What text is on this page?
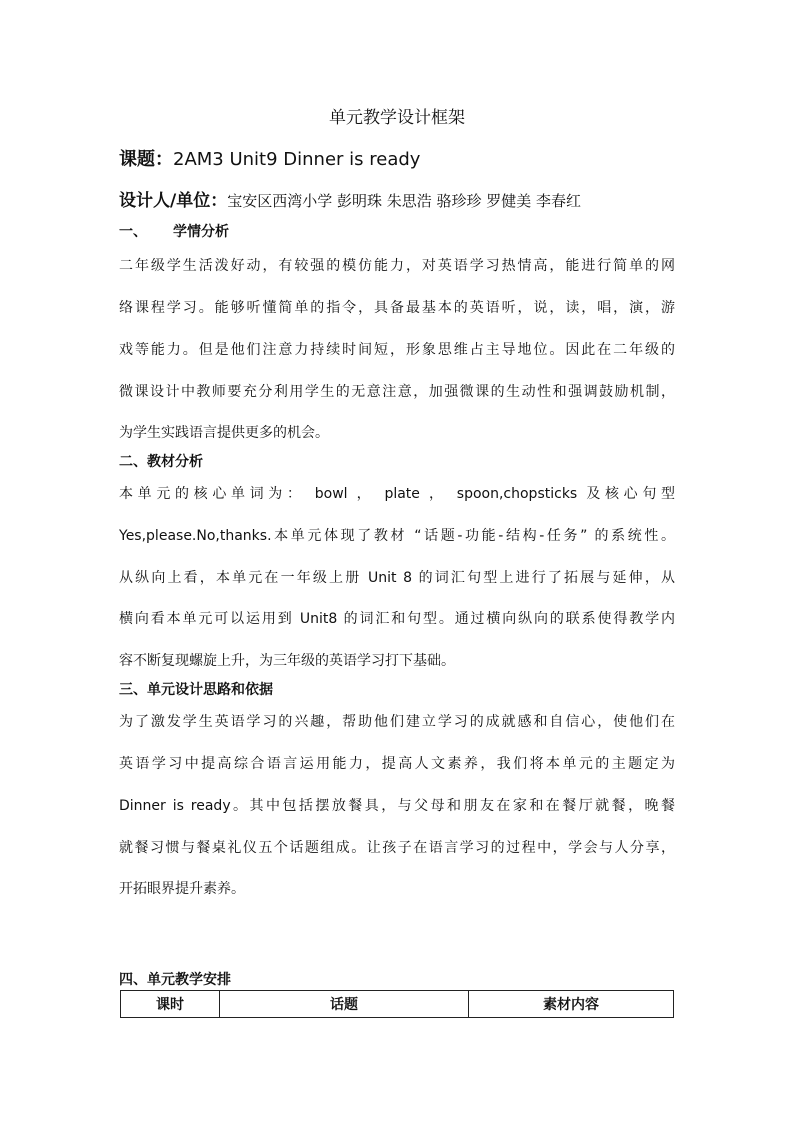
单元教学设计框架
课题：2AM3 Unit9 Dinner is ready
设计人/单位：宝安区西湾小学 彭明珠 朱思浩 骆珍珍 罗健美 李春红
一、 学情分析
二年级学生活泼好动，有较强的模仿能力，对英语学习热情高，能进行简单的网
络课程学习。能够听懂简单的指令，具备最基本的英语听，说，读，唱，演，游
戏等能力。但是他们注意力持续时间短，形象思维占主导地位。因此在二年级的
微课设计中教师要充分利用学生的无意注意，加强微课的生动性和强调鼓励机制，
为学生实践语言提供更多的机会。
二、教材分析
本单元的核心单词为： bowl ， plate ， spoon,chopsticks 及核心句型
Yes,please.No,thanks.本单元体现了教材 “话题-功能-结构-任务” 的系统性。
从纵向上看，本单元在一年级上册 Unit 8 的词汇句型上进行了拓展与延伸，从
横向看本单元可以运用到 Unit8 的词汇和句型。通过横向纵向的联系使得教学内
容不断复现螺旋上升，为三年级的英语学习打下基础。
三、单元设计思路和依据
为了激发学生英语学习的兴趣，帮助他们建立学习的成就感和自信心，使他们在
英语学习中提高综合语言运用能力，提高人文素养，我们将本单元的主题定为
Dinner is ready。其中包括摆放餐具，与父母和朋友在家和在餐厅就餐，晚餐
就餐习惯与餐桌礼仪五个话题组成。让孩子在语言学习的过程中，学会与人分享，
开拓眼界提升素养。
四、单元教学安排
课时	话题	素材内容
